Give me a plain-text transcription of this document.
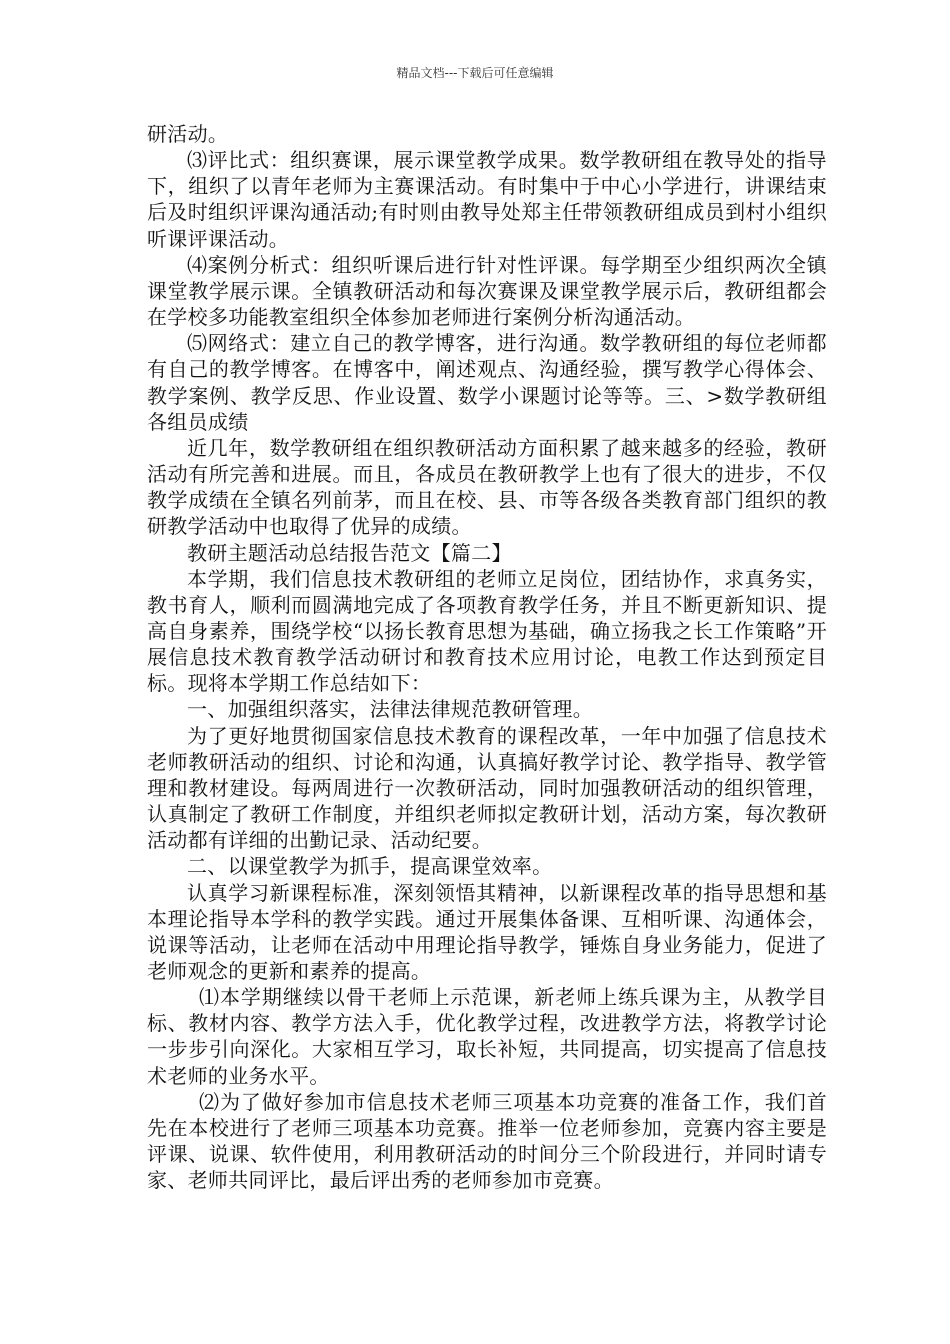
精品文档---下载后可任意编辑

研活动。

⑶评比式：组织赛课，展示课堂教学成果。数学教研组在教导处的指导下，组织了以青年老师为主赛课活动。有时集中于中心小学进行，讲课结束后及时组织评课沟通活动;有时则由教导处郑主任带领教研组成员到村小组织听课评课活动。

⑷案例分析式：组织听课后进行针对性评课。每学期至少组织两次全镇课堂教学展示课。全镇教研活动和每次赛课及课堂教学展示后，教研组都会在学校多功能教室组织全体参加老师进行案例分析沟通活动。

⑸网络式：建立自己的教学博客，进行沟通。数学教研组的每位老师都有自己的教学博客。在博客中，阐述观点、沟通经验，撰写教学心得体会、教学案例、教学反思、作业设置、数学小课题讨论等等。三、>数学教研组各组员成绩

近几年，数学教研组在组织教研活动方面积累了越来越多的经验，教研活动有所完善和进展。而且，各成员在教研教学上也有了很大的进步，不仅教学成绩在全镇名列前茅，而且在校、县、市等各级各类教育部门组织的教研教学活动中也取得了优异的成绩。

教研主题活动总结报告范文【篇二】

本学期，我们信息技术教研组的老师立足岗位，团结协作，求真务实，教书育人，顺利而圆满地完成了各项教育教学任务，并且不断更新知识、提高自身素养，围绕学校“以扬长教育思想为基础，确立扬我之长工作策略”开展信息技术教育教学活动研讨和教育技术应用讨论，电教工作达到预定目标。现将本学期工作总结如下：

一、加强组织落实，法律法律规范教研管理。

为了更好地贯彻国家信息技术教育的课程改革，一年中加强了信息技术老师教研活动的组织、讨论和沟通，认真搞好教学讨论、教学指导、教学管理和教材建设。每两周进行一次教研活动，同时加强教研活动的组织管理，认真制定了教研工作制度，并组织老师拟定教研计划，活动方案，每次教研活动都有详细的出勤记录、活动纪要。

二、以课堂教学为抓手，提高课堂效率。

认真学习新课程标准，深刻领悟其精神，以新课程改革的指导思想和基本理论指导本学科的教学实践。通过开展集体备课、互相听课、沟通体会，说课等活动，让老师在活动中用理论指导教学，锤炼自身业务能力，促进了老师观念的更新和素养的提高。

⑴本学期继续以骨干老师上示范课，新老师上练兵课为主，从教学目标、教材内容、教学方法入手，优化教学过程，改进教学方法，将教学讨论一步步引向深化。大家相互学习，取长补短，共同提高，切实提高了信息技术老师的业务水平。

⑵为了做好参加市信息技术老师三项基本功竞赛的准备工作，我们首先在本校进行了老师三项基本功竞赛。推举一位老师参加，竞赛内容主要是评课、说课、软件使用，利用教研活动的时间分三个阶段进行，并同时请专家、老师共同评比，最后评出秀的老师参加市竞赛。
